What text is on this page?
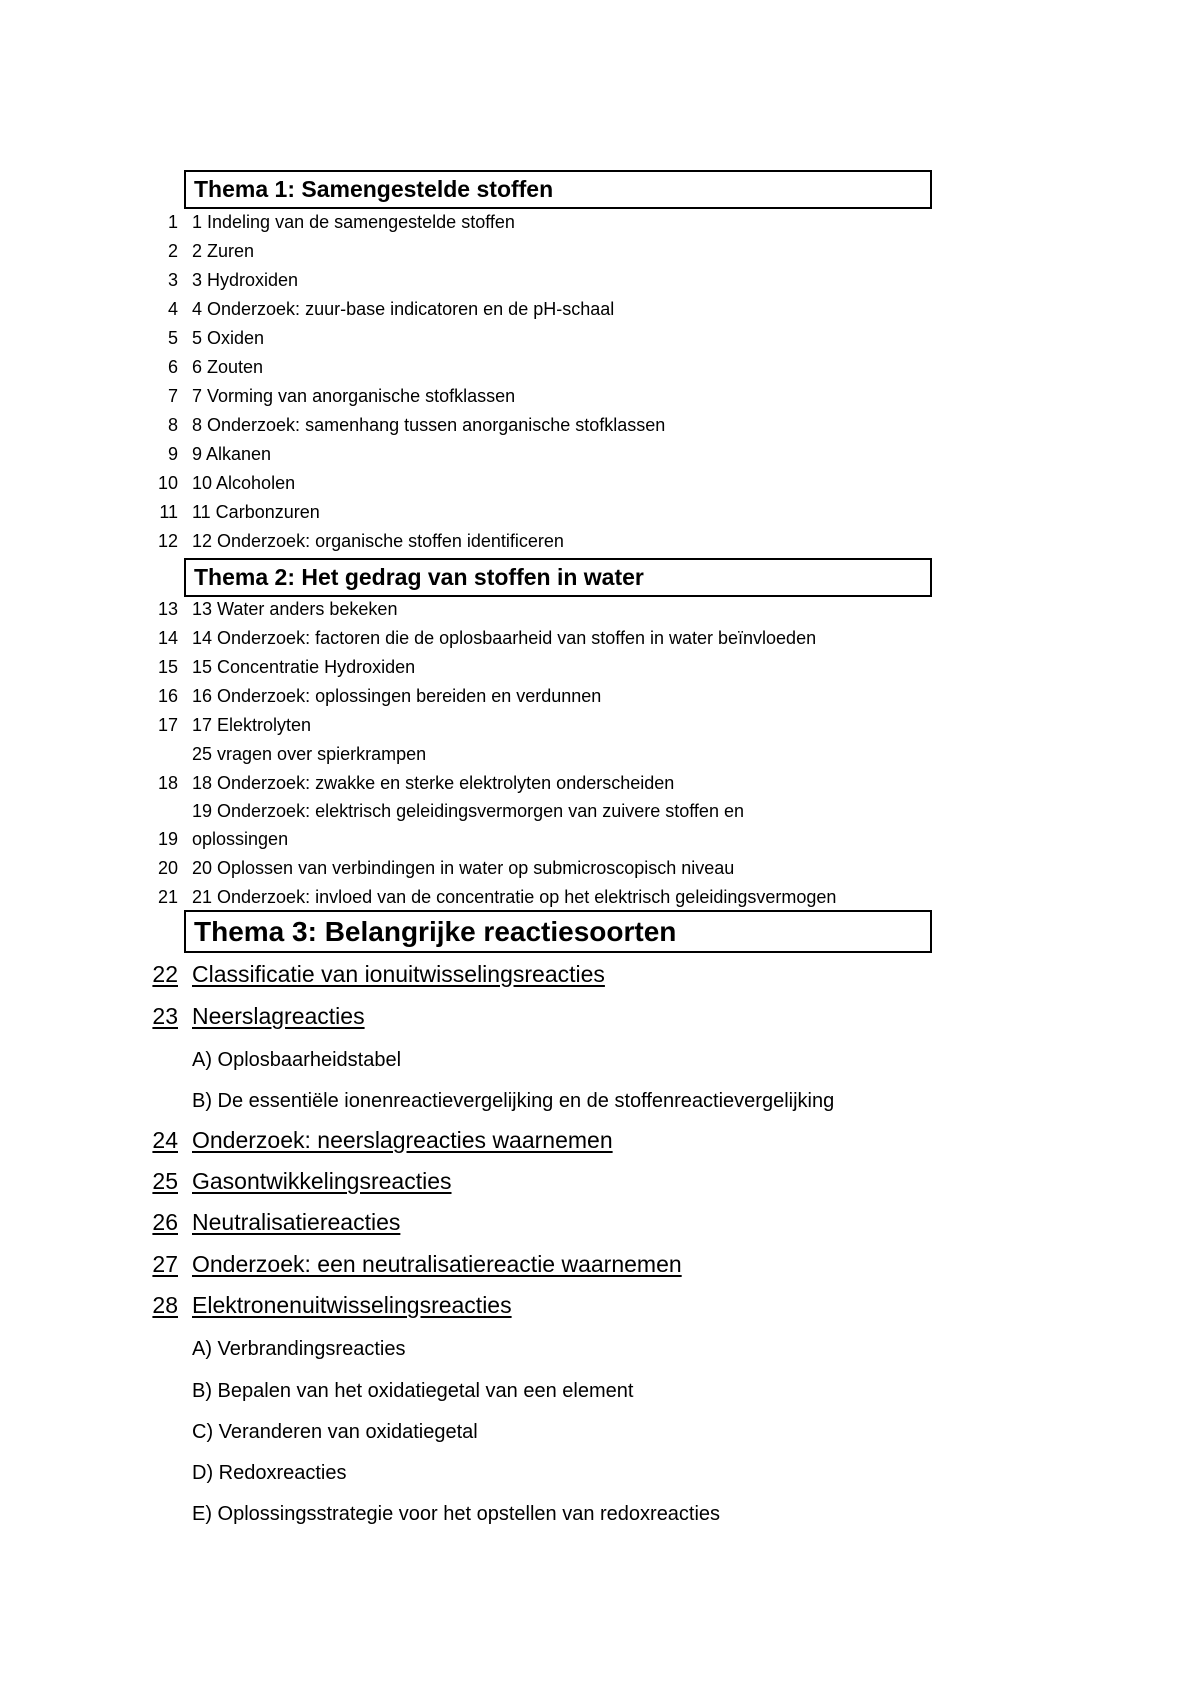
Thema 1: Samengestelde stoffen
1 1 Indeling van de samengestelde stoffen
2 2 Zuren
3 3 Hydroxiden
4 4 Onderzoek: zuur-base indicatoren en de pH-schaal
5 5 Oxiden
6 6 Zouten
7 7 Vorming van anorganische stofklassen
8 8 Onderzoek: samenhang tussen anorganische stofklassen
9 9 Alkanen
10 10 Alcoholen
11 11 Carbonzuren
12 12 Onderzoek: organische stoffen identificeren
Thema 2: Het gedrag van stoffen in water
13 13 Water anders bekeken
14 14 Onderzoek: factoren die de oplosbaarheid van stoffen in water beïnvloeden
15 15 Concentratie Hydroxiden
16 16 Onderzoek: oplossingen bereiden en verdunnen
17 17 Elektrolyten
25 vragen over spierkrampen
18 18 Onderzoek: zwakke en sterke elektrolyten onderscheiden
19 Onderzoek: elektrisch geleidingsvermorgen van zuivere stoffen en
19 oplossingen
20 20 Oplossen van verbindingen in water op submicroscopisch niveau
21 21 Onderzoek: invloed van de concentratie op het elektrisch geleidingsvermogen
Thema 3: Belangrijke reactiesoorten
22 Classificatie van ionuitwisselingsreacties
23 Neerslagreacties
A) Oplosbaarheidstabel
B) De essentiële ionenreactievergelijking en de stoffenreactievergelijking
24 Onderzoek: neerslagreacties waarnemen
25 Gasontwikkelingsreacties
26 Neutralisatiereacties
27 Onderzoek: een neutralisatiereactie waarnemen
28 Elektronenuitwisselingsreacties
A) Verbrandingsreacties
B) Bepalen van het oxidatiegetal van een element
C) Veranderen van oxidatiegetal
D) Redoxreacties
E) Oplossingsstrategie voor het opstellen van redoxreacties
